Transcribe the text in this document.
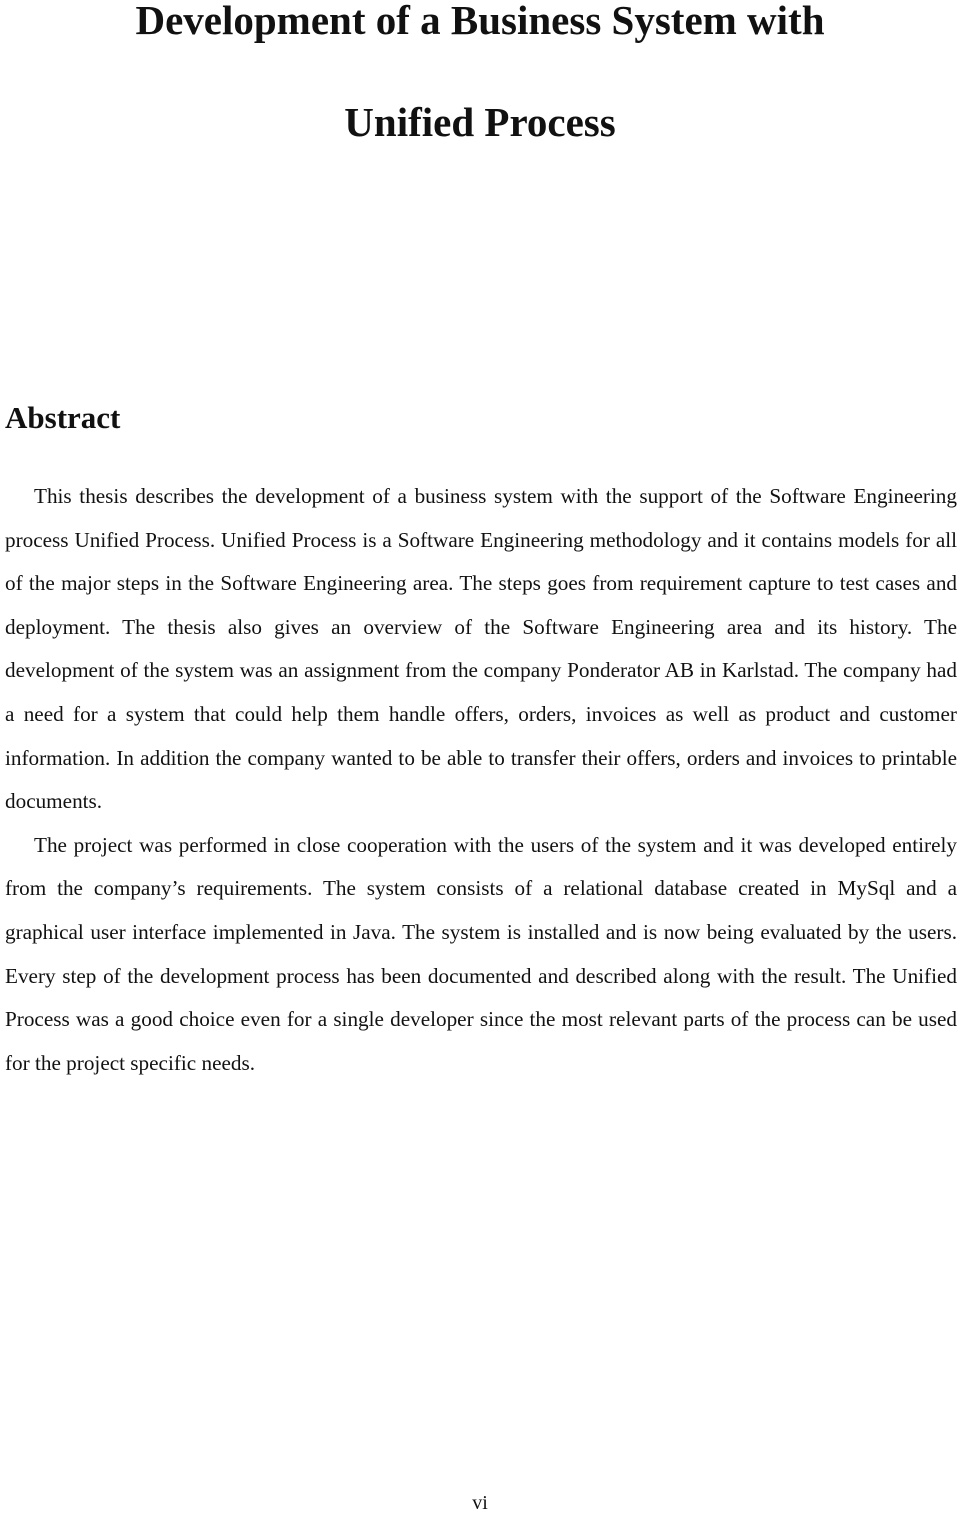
Development of a Business System with
Unified Process
Abstract

This thesis describes the development of a business system with the support of the Software Engineering process Unified Process. Unified Process is a Software Engineering methodology and it contains models for all of the major steps in the Software Engineering area. The steps goes from requirement capture to test cases and deployment. The thesis also gives an overview of the Software Engineering area and its history. The development of the system was an assignment from the company Ponderator AB in Karlstad. The company had a need for a system that could help them handle offers, orders, invoices as well as product and customer information. In addition the company wanted to be able to transfer their offers, orders and invoices to printable documents.

The project was performed in close cooperation with the users of the system and it was developed entirely from the company’s requirements. The system consists of a relational database created in MySql and a graphical user interface implemented in Java. The system is installed and is now being evaluated by the users. Every step of the development process has been documented and described along with the result. The Unified Process was a good choice even for a single developer since the most relevant parts of the process can be used for the project specific needs.

vi
